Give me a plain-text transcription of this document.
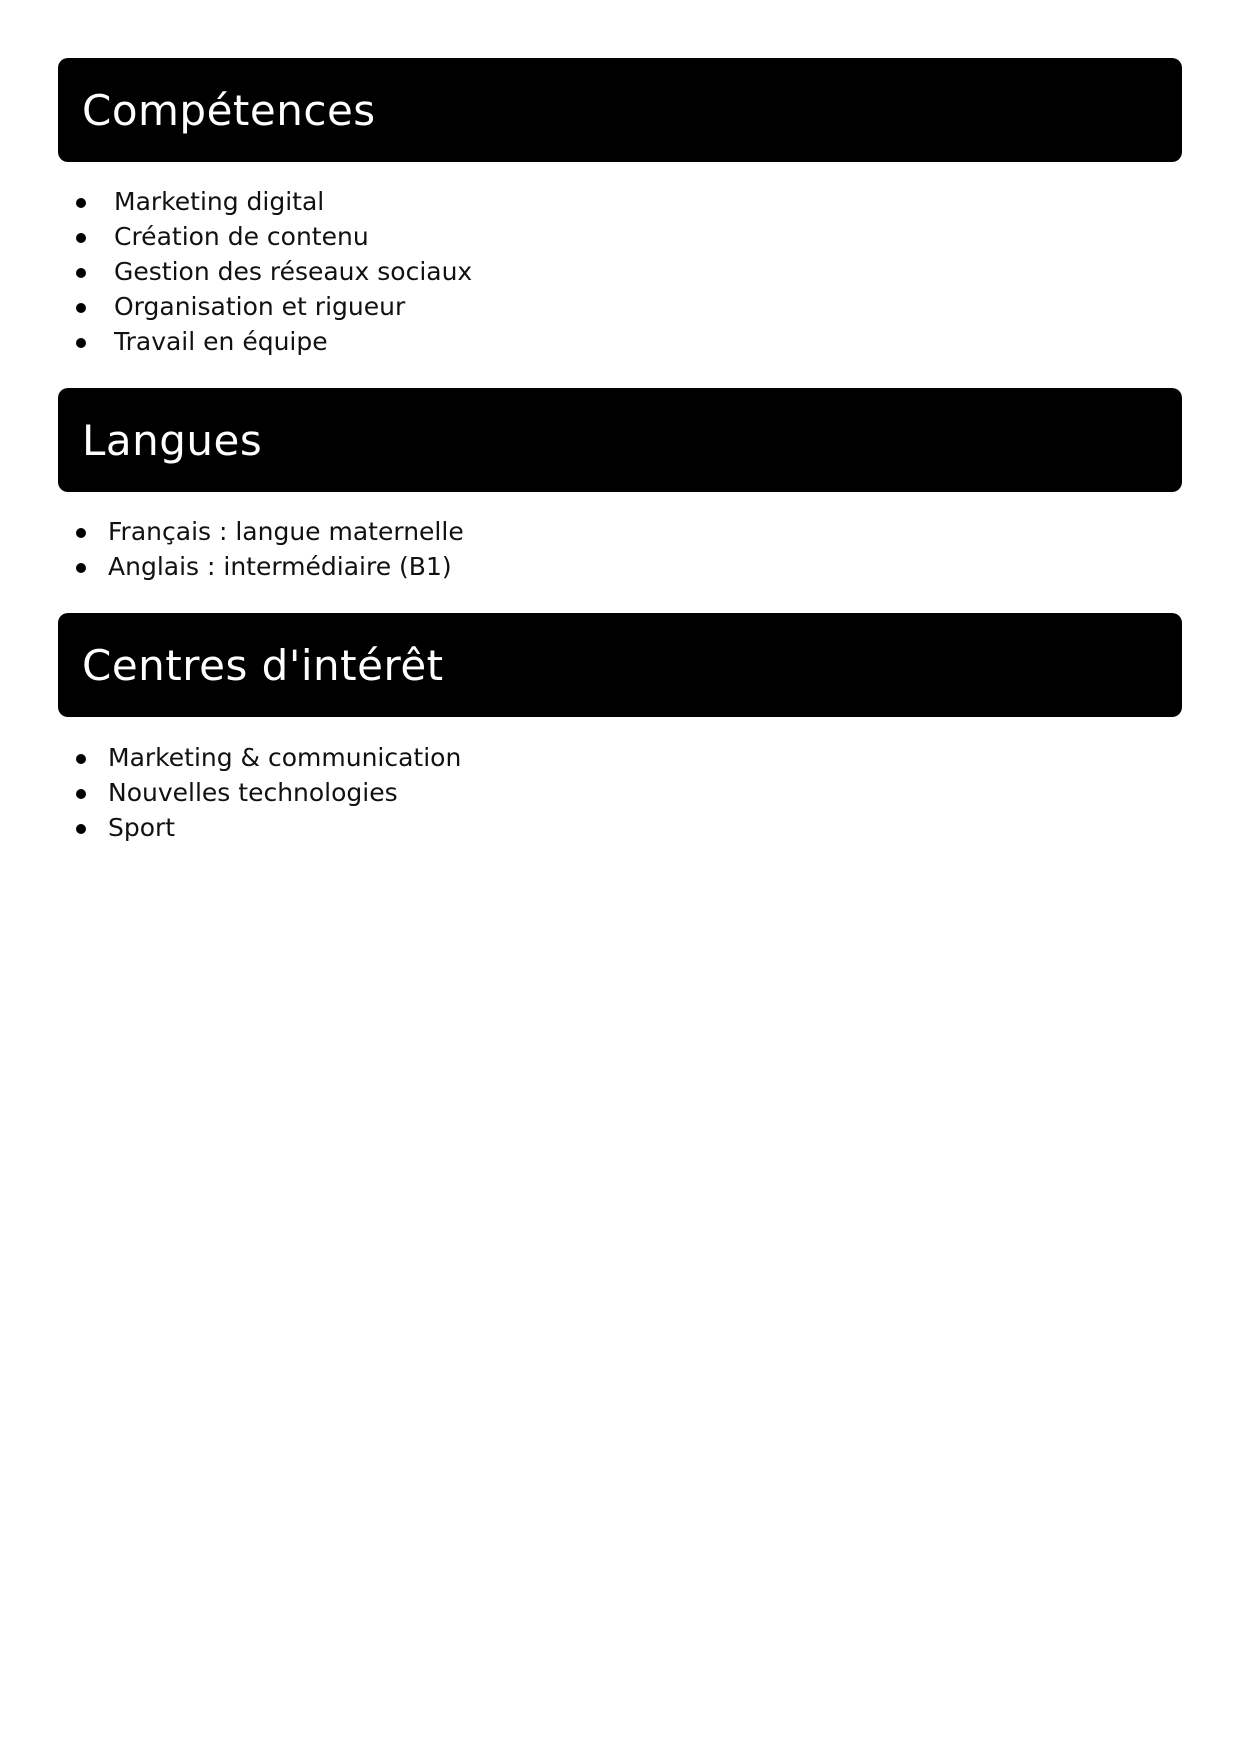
Compétences
Marketing digital
Création de contenu
Gestion des réseaux sociaux
Organisation et rigueur
Travail en équipe
Langues
Français : langue maternelle
Anglais : intermédiaire (B1)
Centres d'intérêt
Marketing & communication
Nouvelles technologies
Sport
